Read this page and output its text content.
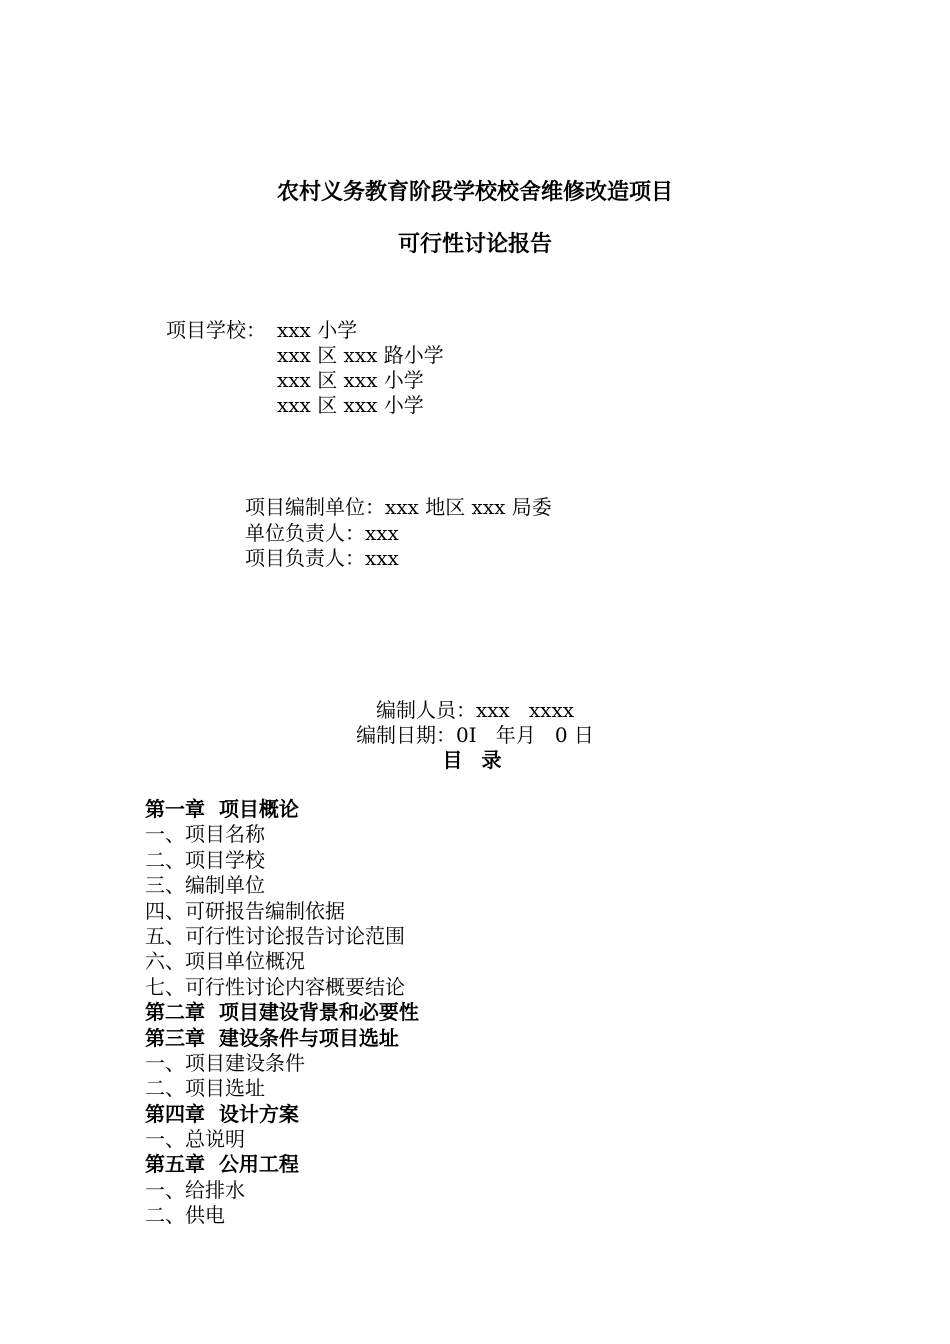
农村义务教育阶段学校校舍维修改造项目
可行性讨论报告
项目学校： xxx 小学
xxx 区 xxx 路小学
xxx 区 xxx 小学
xxx 区 xxx 小学
项目编制单位：xxx 地区 xxx 局委
单位负责人：xxx
项目负责人：xxx
编制人员：xxx   xxxx
编制日期：0I   年月   0 日
目 录
第一章  项目概论
一、项目名称
二、项目学校
三、编制单位
四、可研报告编制依据
五、可行性讨论报告讨论范围
六、项目单位概况
七、可行性讨论内容概要结论
第二章  项目建设背景和必要性
第三章  建设条件与项目选址
一、项目建设条件
二、项目选址
第四章  设计方案
一、总说明
第五章  公用工程
一、给排水
二、供电
